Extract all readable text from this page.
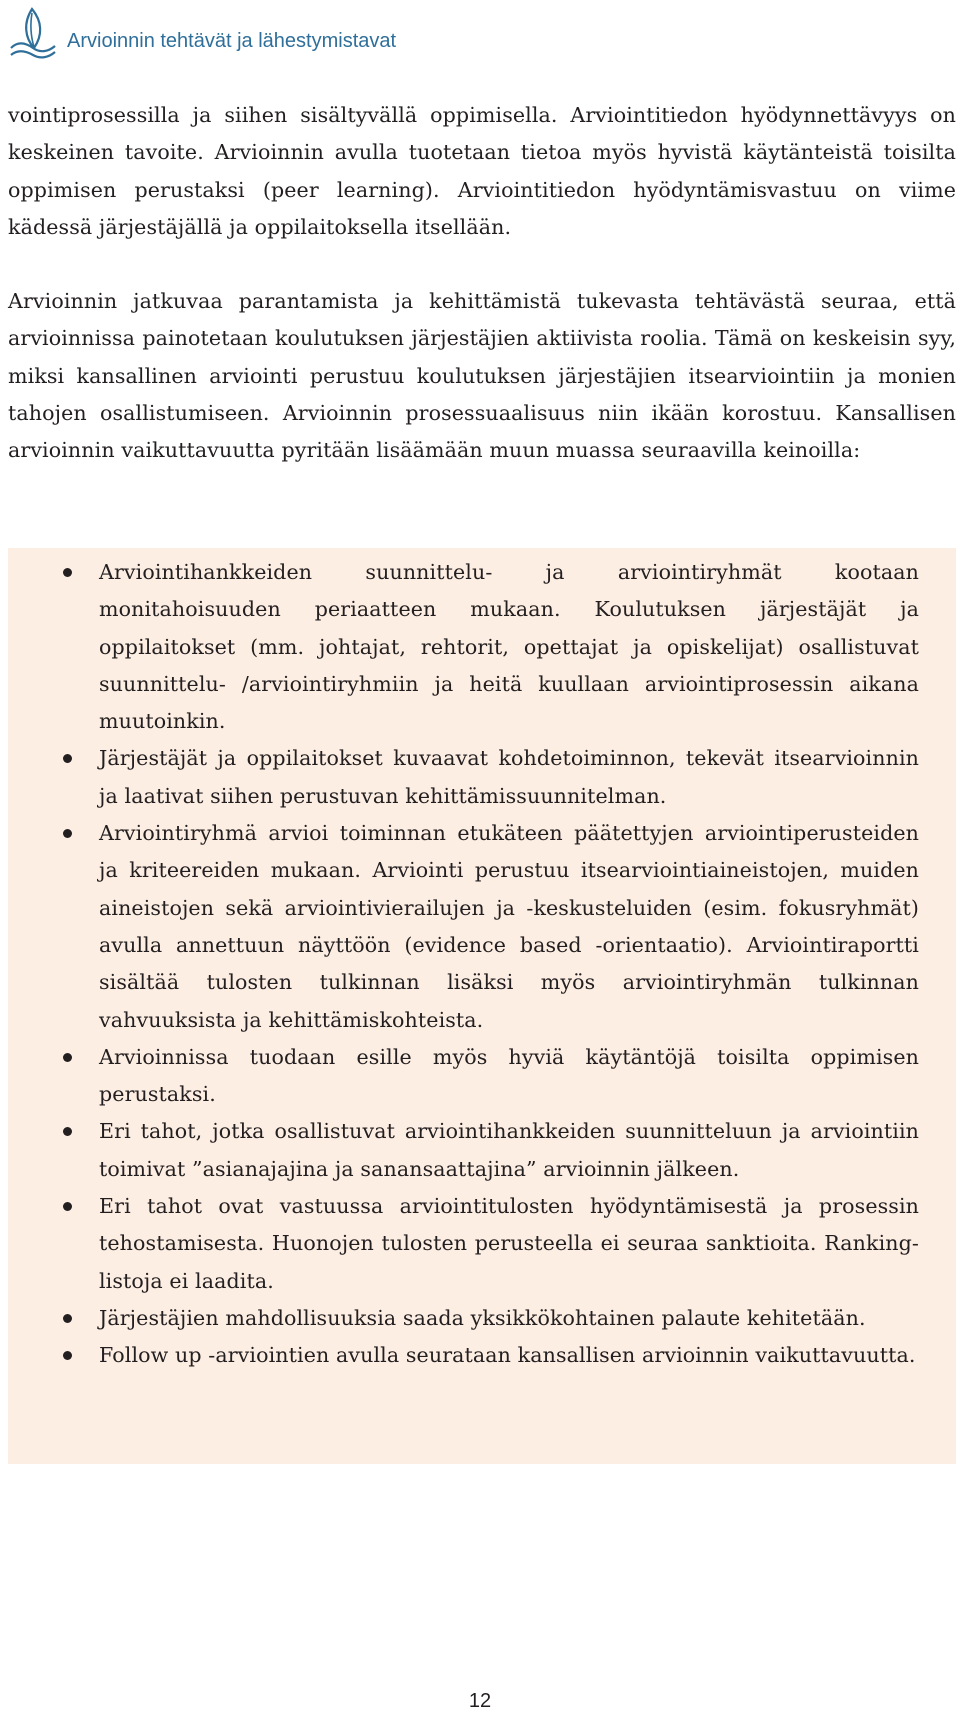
Arvioinnin tehtävät ja lähestymistavat

vointiprosessilla ja siihen sisältyvällä oppimisella. Arviointitiedon hyödynnettävyys on keskeinen tavoite. Arvioinnin avulla tuotetaan tietoa myös hyvistä käytänteistä toisilta oppimisen perustaksi (peer learning). Arviointitiedon hyödyntämisvastuu on viime kädessä järjestäjällä ja oppilaitoksella itsellään.

Arvioinnin jatkuvaa parantamista ja kehittämistä tukevasta tehtävästä seuraa, että arvioinnissa painotetaan koulutuksen järjestäjien aktiivista roolia. Tämä on keskeisin syy, miksi kansallinen arviointi perustuu koulutuksen järjestäjien itsearviointiin ja monien tahojen osallistumiseen. Arvioinnin prosessuaalisuus niin ikään korostuu. Kansallisen arvioinnin vaikuttavuutta pyritään lisäämään muun muassa seuraavilla keinoilla:

Arviointihankkeiden suunnittelu- ja arviointiryhmät kootaan monitahoisuuden periaatteen mukaan. Koulutuksen järjestäjät ja oppilaitokset (mm. johtajat, rehtorit, opettajat ja opiskelijat) osallistuvat suunnittelu- /arviointiryhmiin ja heitä kuullaan arviointiprosessin aikana muutoinkin.
Järjestäjät ja oppilaitokset kuvaavat kohdetoiminnon, tekevät itsearvioinnin ja laativat siihen perustuvan kehittämissuunnitelman.
Arviointiryhmä arvioi toiminnan etukäteen päätettyjen arviointiperusteiden ja kriteereiden mukaan. Arviointi perustuu itsearviointiaineistojen, muiden aineistojen sekä arviointivierailujen ja -keskusteluiden (esim. fokusryhmät) avulla annettuun näyttöön (evidence based -orientaatio). Arviointiraportti sisältää tulosten tulkinnan lisäksi myös arviointiryhmän tulkinnan vahvuuksista ja kehittämiskohteista.
Arvioinnissa tuodaan esille myös hyviä käytäntöjä toisilta oppimisen perustaksi.
Eri tahot, jotka osallistuvat arviointihankkeiden suunnitteluun ja arviointiin toimivat ”asianajajina ja sanansaattajina” arvioinnin jälkeen.
Eri tahot ovat vastuussa arviointitulosten hyödyntämisestä ja prosessin tehostamisesta. Huonojen tulosten perusteella ei seuraa sanktioita. Ranking-listoja ei laadita.
Järjestäjien mahdollisuuksia saada yksikkökohtainen palaute kehitetään.
Follow up -arviointien avulla seurataan kansallisen arvioinnin vaikuttavuutta.
12
